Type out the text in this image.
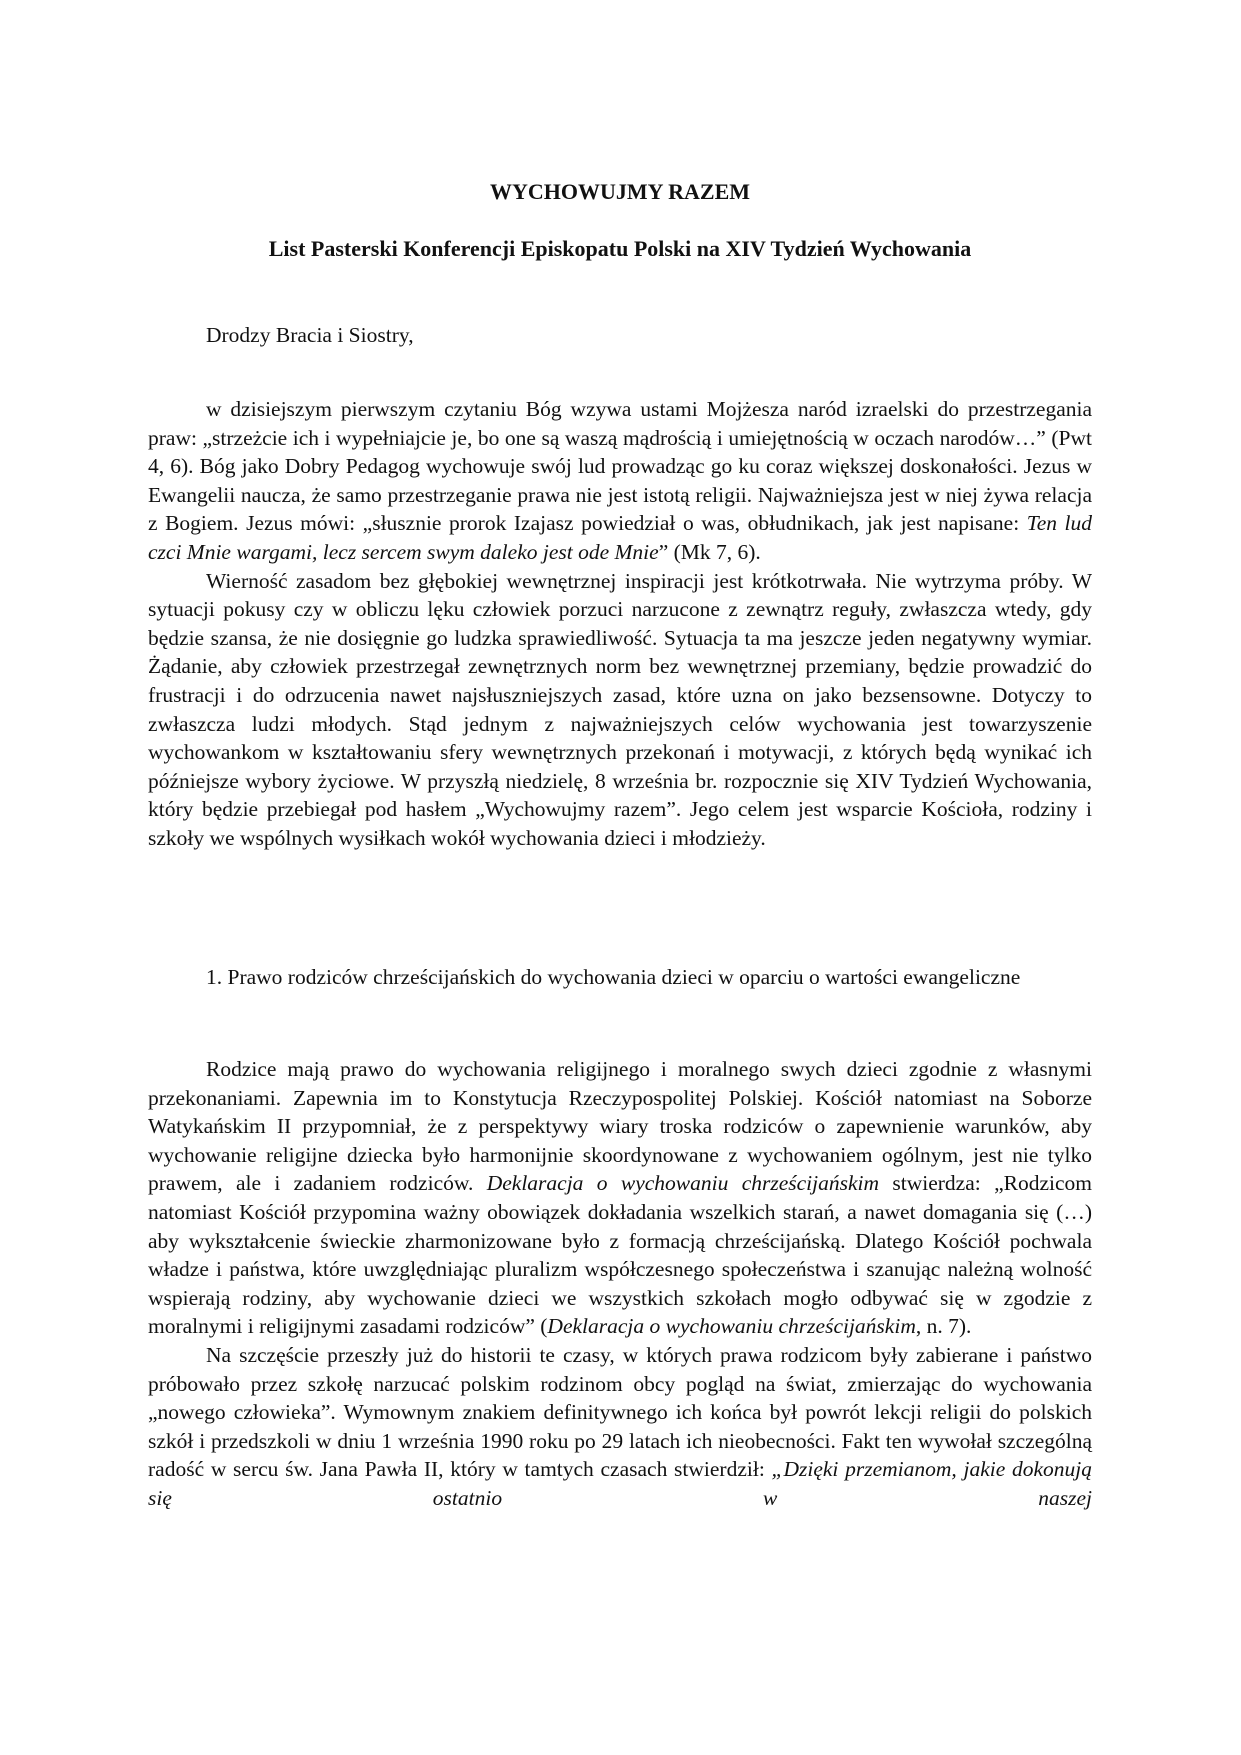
WYCHOWUJMY RAZEM
List Pasterski Konferencji Episkopatu Polski na XIV Tydzień Wychowania

Drodzy Bracia i Siostry,

w dzisiejszym pierwszym czytaniu Bóg wzywa ustami Mojżesza naród izraelski do przestrzegania praw: „strzeżcie ich i wypełniajcie je, bo one są waszą mądrością i umiejętnością w oczach narodów…” (Pwt 4, 6). Bóg jako Dobry Pedagog wychowuje swój lud prowadząc go ku coraz większej doskonałości. Jezus w Ewangelii naucza, że samo przestrzeganie prawa nie jest istotą religii. Najważniejsza jest w niej żywa relacja z Bogiem. Jezus mówi: „słusznie prorok Izajasz powiedział o was, obłudnikach, jak jest napisane: Ten lud czci Mnie wargami, lecz sercem swym daleko jest ode Mnie” (Mk 7, 6).

Wierność zasadom bez głębokiej wewnętrznej inspiracji jest krótkotrwała. Nie wytrzyma próby. W sytuacji pokusy czy w obliczu lęku człowiek porzuci narzucone z zewnątrz reguły, zwłaszcza wtedy, gdy będzie szansa, że nie dosięgnie go ludzka sprawiedliwość. Sytuacja ta ma jeszcze jeden negatywny wymiar. Żądanie, aby człowiek przestrzegał zewnętrznych norm bez wewnętrznej przemiany, będzie prowadzić do frustracji i do odrzucenia nawet najsłuszniejszych zasad, które uzna on jako bezsensowne. Dotyczy to zwłaszcza ludzi młodych. Stąd jednym z najważniejszych celów wychowania jest towarzyszenie wychowankom w kształtowaniu sfery wewnętrznych przekonań i motywacji, z których będą wynikać ich późniejsze wybory życiowe. W przyszłą niedzielę, 8 września br. rozpocznie się XIV Tydzień Wychowania, który będzie przebiegał pod hasłem „Wychowujmy razem”. Jego celem jest wsparcie Kościoła, rodziny i szkoły we wspólnych wysiłkach wokół wychowania dzieci i młodzieży.

1. Prawo rodziców chrześcijańskich do wychowania dzieci w oparciu o wartości ewangeliczne

Rodzice mają prawo do wychowania religijnego i moralnego swych dzieci zgodnie z własnymi przekonaniami. Zapewnia im to Konstytucja Rzeczypospolitej Polskiej. Kościół natomiast na Soborze Watykańskim II przypomniał, że z perspektywy wiary troska rodziców o zapewnienie warunków, aby wychowanie religijne dziecka było harmonijnie skoordynowane z wychowaniem ogólnym, jest nie tylko prawem, ale i zadaniem rodziców. Deklaracja o wychowaniu chrześcijańskim stwierdza: „Rodzicom natomiast Kościół przypomina ważny obowiązek dokładania wszelkich starań, a nawet domagania się (…) aby wykształcenie świeckie zharmonizowane było z formacją chrześcijańską. Dlatego Kościół pochwala władze i państwa, które uwzględniając pluralizm współczesnego społeczeństwa i szanując należną wolność wspierają rodziny, aby wychowanie dzieci we wszystkich szkołach mogło odbywać się w zgodzie z moralnymi i religijnymi zasadami rodziców” (Deklaracja o wychowaniu chrześcijańskim, n. 7).

Na szczęście przeszły już do historii te czasy, w których prawa rodzicom były zabierane i państwo próbowało przez szkołę narzucać polskim rodzinom obcy pogląd na świat, zmierzając do wychowania „nowego człowieka”. Wymownym znakiem definitywnego ich końca był powrót lekcji religii do polskich szkół i przedszkoli w dniu 1 września 1990 roku po 29 latach ich nieobecności. Fakt ten wywołał szczególną radość w sercu św. Jana Pawła II, który w tamtych czasach stwierdził: „Dzięki przemianom, jakie dokonują się ostatnio w naszej
